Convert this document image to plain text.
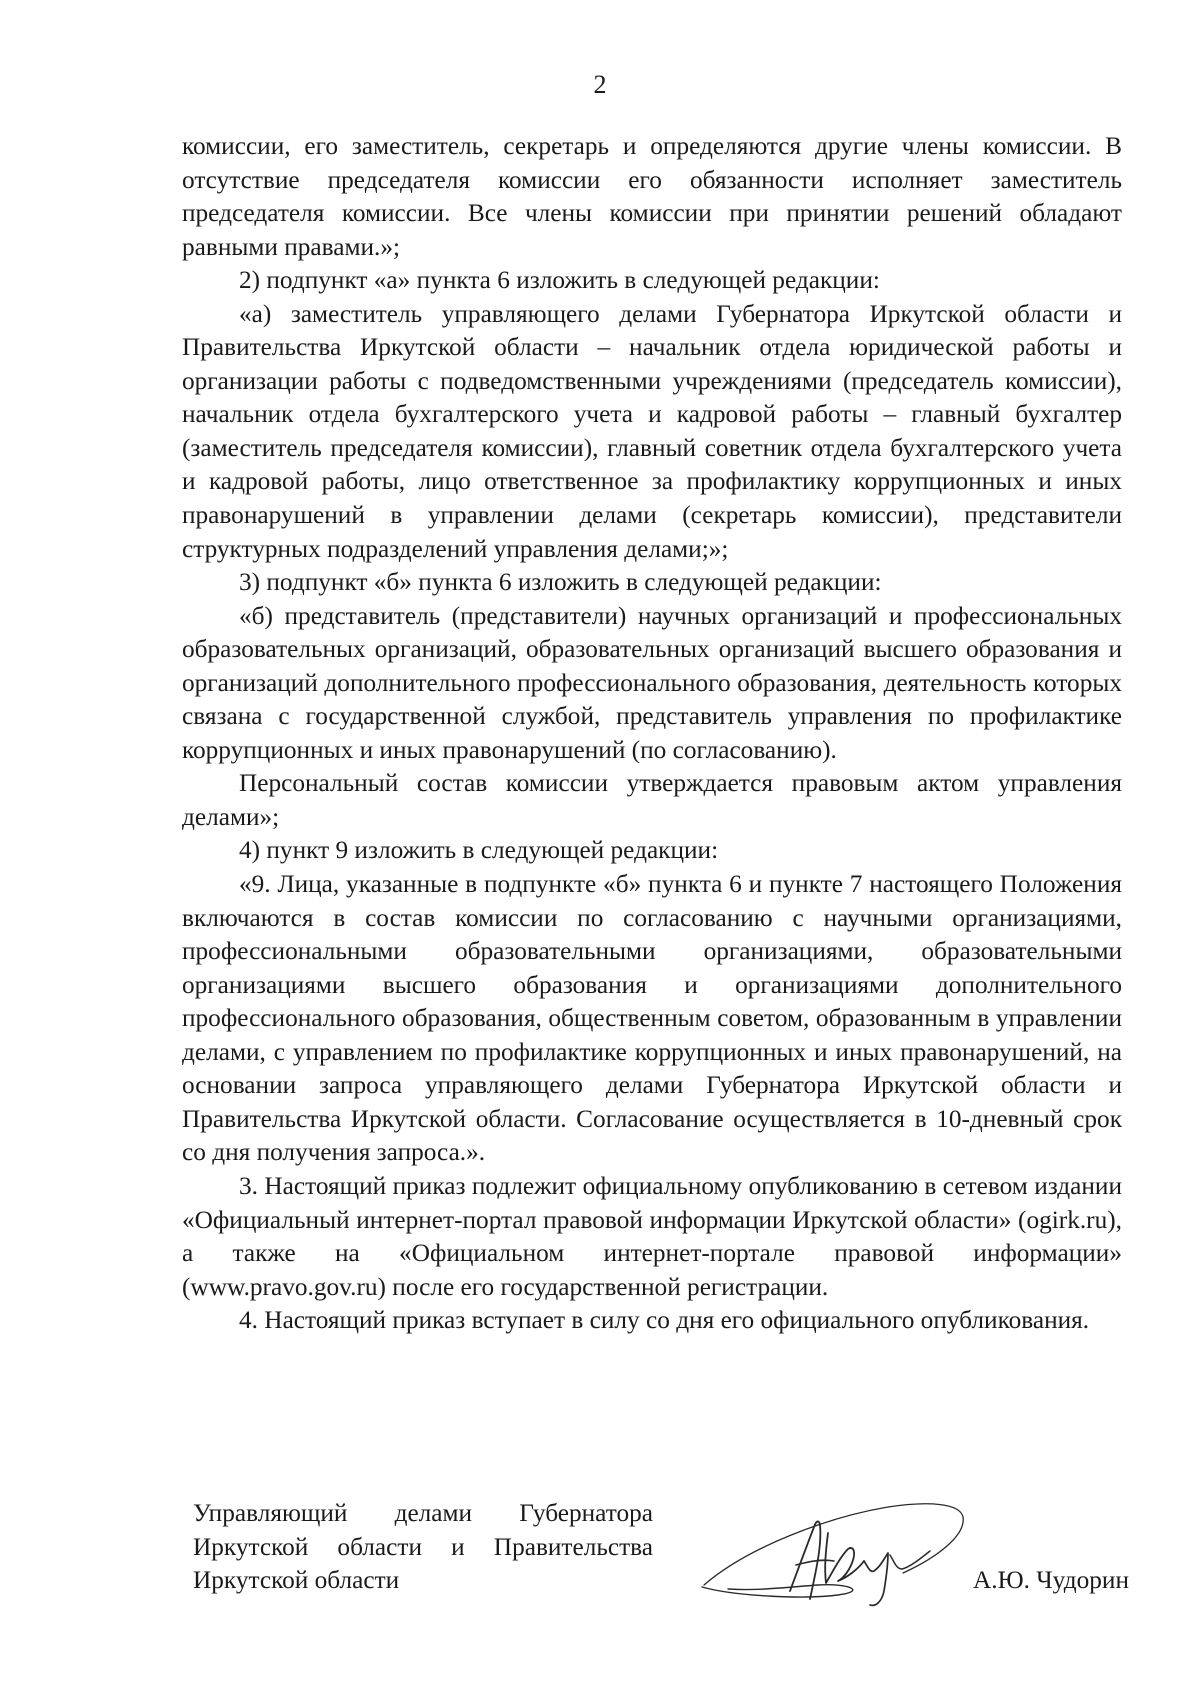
2

комиссии, его заместитель, секретарь и определяются другие члены комиссии. В отсутствие председателя комиссии его обязанности исполняет заместитель председателя комиссии. Все члены комиссии при принятии решений обладают равными правами.»;

2) подпункт «а» пункта 6 изложить в следующей редакции:

«а) заместитель управляющего делами Губернатора Иркутской области и Правительства Иркутской области – начальник отдела юридической работы и организации работы с подведомственными учреждениями (председатель комиссии), начальник отдела бухгалтерского учета и кадровой работы – главный бухгалтер (заместитель председателя комиссии), главный советник отдела бухгалтерского учета и кадровой работы, лицо ответственное за профилактику коррупционных и иных правонарушений в управлении делами (секретарь комиссии), представители структурных подразделений управления делами;»;

3) подпункт «б» пункта 6 изложить в следующей редакции:

«б) представитель (представители) научных организаций и профессиональных образовательных организаций, образовательных организаций высшего образования и организаций дополнительного профессионального образования, деятельность которых связана с государственной службой, представитель управления по профилактике коррупционных и иных правонарушений (по согласованию).

Персональный состав комиссии утверждается правовым актом управления делами»;

4) пункт 9 изложить в следующей редакции:

«9. Лица, указанные в подпункте «б» пункта 6 и пункте 7 настоящего Положения включаются в состав комиссии по согласованию с научными организациями, профессиональными образовательными организациями, образовательными организациями высшего образования и организациями дополнительного профессионального образования, общественным советом, образованным в управлении делами, с управлением по профилактике коррупционных и иных правонарушений, на основании запроса управляющего делами Губернатора Иркутской области и Правительства Иркутской области. Согласование осуществляется в 10-дневный срок со дня получения запроса.».

3. Настоящий приказ подлежит официальному опубликованию в сетевом издании «Официальный интернет-портал правовой информации Иркутской области» (ogirk.ru), а также на «Официальном интернет-портале правовой информации» (www.pravo.gov.ru) после его государственной регистрации.

4. Настоящий приказ вступает в силу со дня его официального опубликования.

Управляющий делами Губернатора
Иркутской области и Правительства
Иркутской области	А.Ю. Чудорин
